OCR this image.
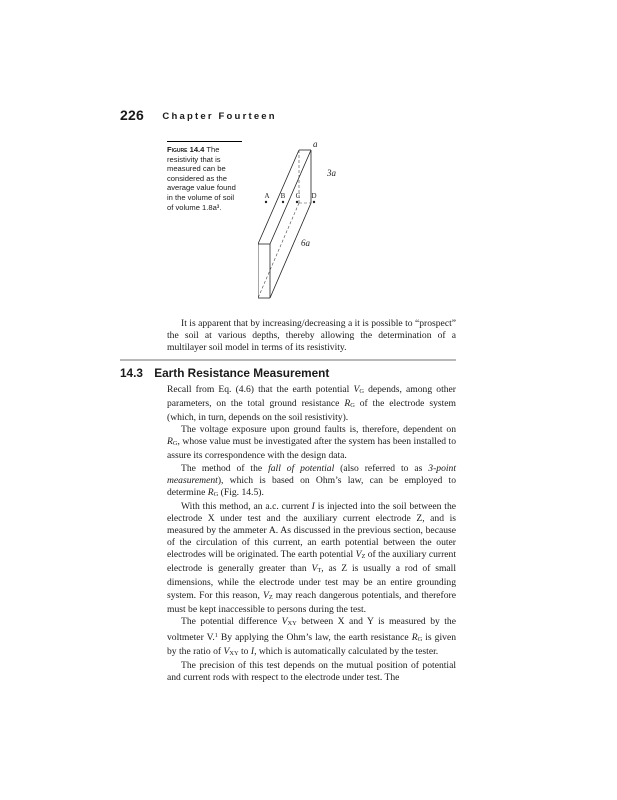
226 Chapter Fourteen
Figure 14.4 The resistivity that is measured can be considered as the average value found in the volume of soil of volume 1.8a³.
A B C D
a
3a
6a

It is apparent that by increasing/decreasing a it is possible to “prospect” the soil at various depths, thereby allowing the determination of a multilayer soil model in terms of its resistivity.

14.3 Earth Resistance Measurement

Recall from Eq. (4.6) that the earth potential $V_G$ depends, among other parameters, on the total ground resistance $R_G$ of the electrode system (which, in turn, depends on the soil resistivity).

The voltage exposure upon ground faults is, therefore, dependent on $R_G$, whose value must be investigated after the system has been installed to assure its correspondence with the design data.

The method of the fall of potential (also referred to as 3-point measurement), which is based on Ohm’s law, can be employed to determine $R_G$ (Fig. 14.5).

With this method, an a.c. current I is injected into the soil between the electrode X under test and the auxiliary current electrode Z, and is measured by the ammeter A. As discussed in the previous section, because of the circulation of this current, an earth potential between the outer electrodes will be originated. The earth potential $V_Z$ of the auxiliary current electrode is generally greater than $V_T$, as Z is usually a rod of small dimensions, while the electrode under test may be an entire grounding system. For this reason, $V_Z$ may reach dangerous potentials, and therefore must be kept inaccessible to persons during the test.

The potential difference $V_{XY}$ between X and Y is measured by the voltmeter V.$^1$ By applying the Ohm’s law, the earth resistance $R_G$ is given by the ratio of $V_{XY}$ to I, which is automatically calculated by the tester.

The precision of this test depends on the mutual position of potential and current rods with respect to the electrode under test. The
